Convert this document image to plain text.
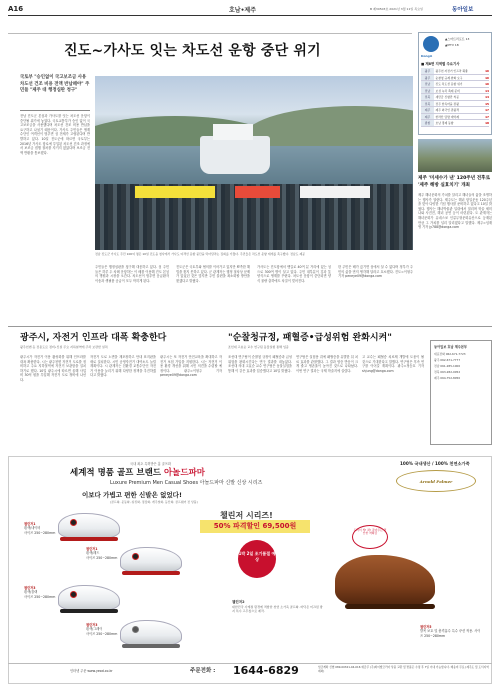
A16	호남•제주	B 제30503호 2021년 3월 11일 목요일	동아일보
진도~가사도 잇는 차도선 운항 중단 위기
국토부 "승인없이 국고보조금 사용 차도선 건조 비용 전액 반납해야" 주민들 "제주 대 행정심판 청구"
전남 진도군 본섬과 가사도를 잇는 차도선 운항이 중단될 위기에 놓였다. 국토교통부가 승인 없이 국고보조금을 사용했다며 차도선 건조 비용 반납을 요구하고 나섰기 때문이다. 가사도 주민들은 생계 수단인 여객선이 멈추면 섬 전체가 고립된다며 반발하고 있다. 10일 진도군에 따르면 국토부는 2016년 가사도 항로에 투입된 차도선 건조 과정에서 보조금 집행 절차를 지키지 않았다며 보조금 전액 반환을 통보했다.
전남 진도군 가사도 주민 100여 명은 10일 진도읍 청사에서 가사도 여객선 운항 중단을 막아달라는 집회를 가졌다. 주민들은 차도선 운항 재개를 촉구했다. 전남도 제공
주민들은 행정심판을 청구해 대응하고 있다. 섬 주민들은 하루 두 차례 운항하는 이 배를 이용해 진도 본섬의 병원과 시장을 오간다. 차도선이 멈추면 응급환자 이송과 생필품 공급이 모두 막히게 된다.
진도군은 국토부와 협의를 이어가고 있지만 뾰족한 해법을 찾지 못하고 있다. 군 관계자는 행정 절차상 문제가 있었던 것은 맞지만 주민 불편을 최소화할 방안을 찾겠다고 밝혔다.
가사도는 진도항에서 뱃길로 40여 분 거리에 있는 섬으로 300여 명이 살고 있다. 주민 대부분이 김과 톳 양식으로 생계를 꾸린다. 차도선 운항이 중단되면 양식 물량 출하에도 차질이 빚어진다.
한 주민은 배가 끊기면 섬에서 살 수 없다며 정부가 주민의 삶을 먼저 생각해 달라고 호소했다. 진도=이형주 기자 peneye09@donga.com
DongA
▲스마트리포트 13
▲IPTV 18
■ 제8면 지역별 주요기사
광주	광주천 자전거 인프라 확충	16
광주	순찰청 규제 완화 요구	16
전남	진도 차도선 운항 위기	16
전남	보성 녹차 축제 준비	14
전북	새만금 신항만 착공	14
전북	전주 한옥마을 관광	15
제주	제주 외국인 관광객	17
제주	한라산 탐방 예약제	17
종합	호남 경제 동향	18
제주 '미세수가 낸' 120주년 전후로 '제주 해방 실효치기' 개최
제주 해녀문화의 가치를 알리고 해녀들의 삶을 조명하는 행사가 열린다. 제주도는 해녀 항일운동 120주년을 맞아 다양한 기념 행사를 준비하고 있다고 10일 밝혔다. 행사는 해녀박물관 일대에서 열리며 학술 세미나와 사진전, 해녀 공연 등이 마련된다. 도 관계자는 해녀문화가 유네스코 인류무형문화유산으로 등재된 만큼 그 가치를 널리 알리겠다고 말했다. 제주=임재영 기자 jy788@donga.com
광주시, 자전거 인프라 대폭 확충한다
광주천변 등 전용도로 정비•신설 주요 지하철역에 주차 보관함 설치
"순찰청규정, 패혈증•급성위험 완화시켜"
조선대 고효순 교수 연구팀 동물실험 통해 입증
광주시가 자전거 이용 활성화를 위해 인프라를 대폭 확충한다. 시는 광주천변 자전거 도로를 정비하고 주요 지하철역에 자전거 보관함을 설치하기로 했다. 10일 광주시에 따르면 올해 사업비 30억 원을 투입해 자전거 도로 정비에 나선다.
자전거 도로 노면을 재포장하고 안내 표지판을 새로 설치한다. 시민 공영자전거 대여소도 늘릴 계획이다. 시 관계자는 친환경 교통수단인 자전거 이용을 늘리기 위해 다양한 정책을 추진하겠다고 밝혔다.
광주시는 또 자전거 안전교육을 확대하고 자전거 보험 가입을 지원한다. 시는 자전거 이용 환경 개선을 위해 시민 의견을 수렴할 예정이다. 광주=이형주 기자 peneye09@donga.com
조선대 연구팀이 순찰청 규정이 패혈증과 급성 위험을 완화시킨다는 연구 결과를 내놓았다. 조선대 의대 고효순 교수 연구팀은 동물실험을 통해 이 같은 효과를 입증했다고 10일 밝혔다.
연구팀은 실험용 쥐에 패혈증을 유발한 뒤 치료 효과를 관찰했다. 그 결과 염증 반응이 크게 줄고 생존율이 높아진 것으로 나타났다. 이번 연구 결과는 국제 학술지에 실렸다.
고 교수는 패혈증 치료제 개발에 도움이 될 것으로 기대한다고 말했다. 연구팀은 후속 연구를 이어갈 계획이다. 광주=정승호 기자 shjung@donga.com
동아일보 호남 제주본부
대표전화 062-671-7723
광주 062-671-7777
전남 061-285-1000
전북 063-282-0052
제주 064-752-8050
국내 최초 특허받은 홀 골프화
세계적 명품 골프 브랜드 아놀드파마
Luxure Premium Men Casual Shoes 아놀드파마 신발 신상 시리즈
이보다 가볍고 편한 신발은 없었다!
(골프화, 운동화, 워킹화, 정장화, 캐주얼화, 등산화, 골프웨어 전 상품)
100% 국내생산 / 100% 천연소가죽
Arnold Palmer
챌린저1
흰색/네이비
사이즈 250~280mm
챌린저1
흰색/레드
사이즈 250~280mm
챌린저3
흰색/블랙
사이즈 250~280mm
챌린저3
흰색/그레이
사이즈 250~280mm
챌린저 시리즈!
50% 파격할인 69,500원
1박 2일 조기품절 예상
챌린저2
대한민국 사계절 환경에 적합한 천연 소가죽 골프화. 바닥은 미끄럼 방지 특수 고무창으로 제작.
드라이 착! 꽉! 잡아주는 편안한 착화감
챌린저5
발목 보호 및 충격흡수 특수 쿠션 적용. 사이즈 250~280mm
인터넷 주문 www.yeod.co.kr	주문전화 : 1644-6829	입금계좌 신협 089-00321-04-016 예금주 (주)와이엠코리아 상품 교환 및 반품은 수령 후 7일 이내 가능합니다. 배송비 무료 (제주도 및 도서지역 제외)
